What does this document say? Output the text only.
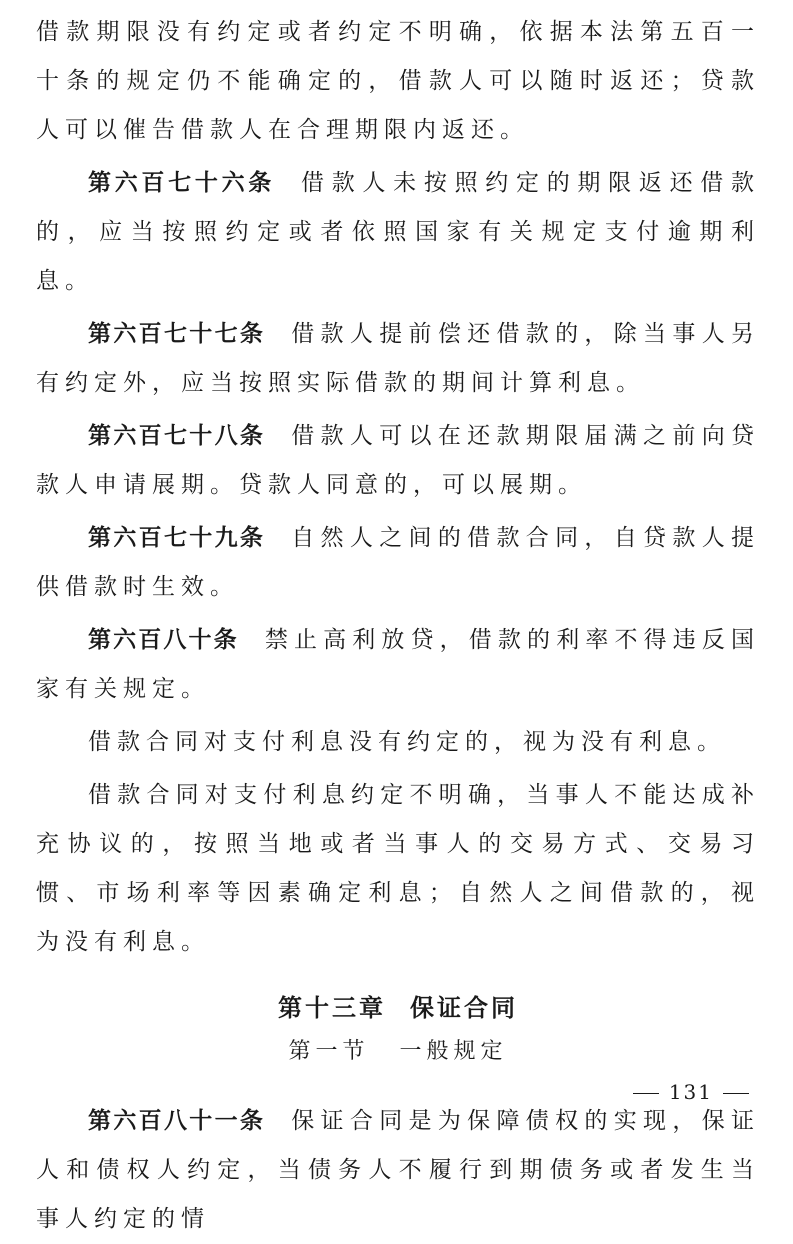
借款期限没有约定或者约定不明确，依据本法第五百一十条的规定仍不能确定的，借款人可以随时返还；贷款人可以催告借款人在合理期限内返还。

第六百七十六条 借款人未按照约定的期限返还借款的，应当按照约定或者依照国家有关规定支付逾期利息。

第六百七十七条 借款人提前偿还借款的，除当事人另有约定外，应当按照实际借款的期间计算利息。

第六百七十八条 借款人可以在还款期限届满之前向贷款人申请展期。贷款人同意的，可以展期。

第六百七十九条 自然人之间的借款合同，自贷款人提供借款时生效。

第六百八十条 禁止高利放贷，借款的利率不得违反国家有关规定。

借款合同对支付利息没有约定的，视为没有利息。

借款合同对支付利息约定不明确，当事人不能达成补充协议的，按照当地或者当事人的交易方式、交易习惯、市场利率等因素确定利息；自然人之间借款的，视为没有利息。

第十三章 保证合同
第一节 一般规定

第六百八十一条 保证合同是为保障债权的实现，保证人和债权人约定，当债务人不履行到期债务或者发生当事人约定的情

131
